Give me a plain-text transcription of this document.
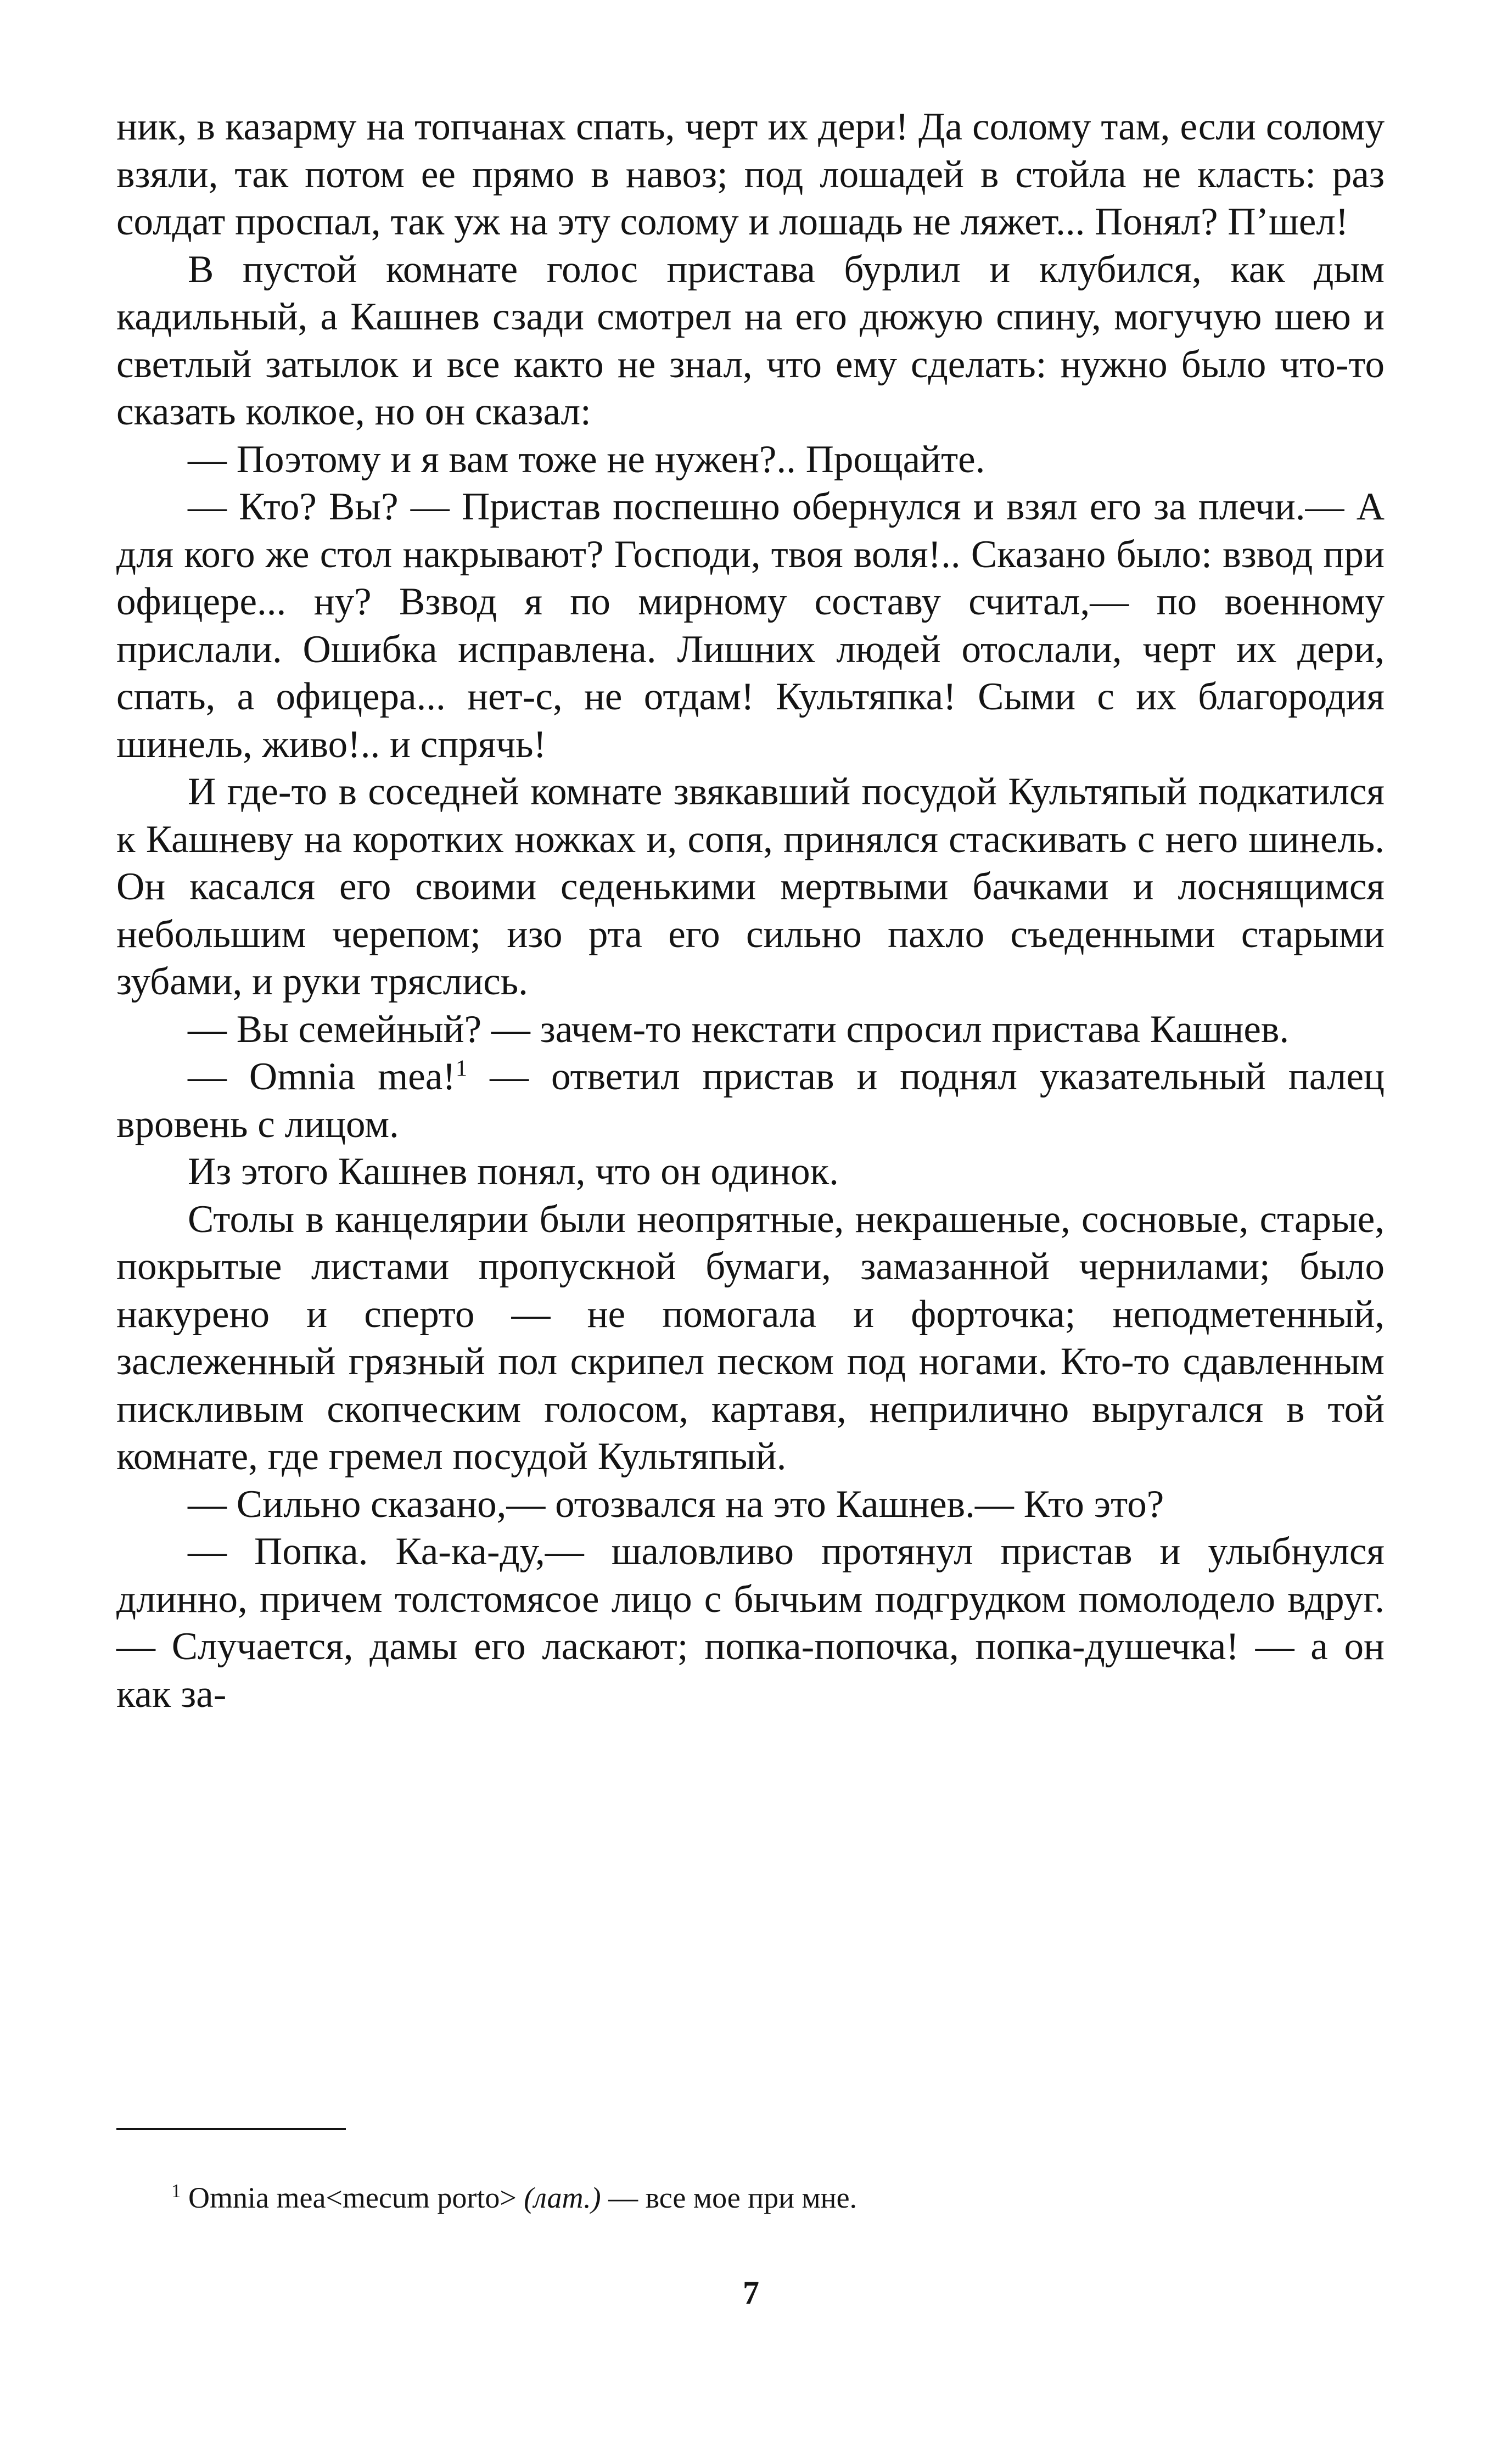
ник, в казарму на топчанах спать, черт их дери! Да солому там, если солому взяли, так потом ее прямо в навоз; под лошадей в стойла не класть: раз солдат проспал, так уж на эту солому и лошадь не ляжет... Понял? П’шел!

В пустой комнате голос пристава бурлил и клубился, как дым кадильный, а Кашнев сзади смотрел на его дюжую спину, могучую шею и светлый затылок и все както не знал, что ему сделать: нужно было что-то сказать колкое, но он сказал:

— Поэтому и я вам тоже не нужен?.. Прощайте.

— Кто? Вы? — Пристав поспешно обернулся и взял его за плечи.— А для кого же стол накрывают? Господи, твоя воля!.. Сказано было: взвод при офицере... ну? Взвод я по мирному составу считал,— по военному прислали. Ошибка исправлена. Лишних людей отослали, черт их дери, спать, а офицера... нет-с, не отдам! Культяпка! Сыми с их благородия шинель, живо!.. и спрячь!

И где-то в соседней комнате звякавший посудой Культяпый подкатился к Кашневу на коротких ножках и, сопя, принялся стаскивать с него шинель. Он касался его своими седенькими мертвыми бачками и лоснящимся небольшим черепом; изо рта его сильно пахло съеденными старыми зубами, и руки тряслись.

— Вы семейный? — зачем-то некстати спросил пристава Кашнев.

— Omnia mea!$^1$ — ответил пристав и поднял указательный палец вровень с лицом.

Из этого Кашнев понял, что он одинок.

Столы в канцелярии были неопрятные, некрашеные, сосновые, старые, покрытые листами пропускной бумаги, замазанной чернилами; было накурено и сперто — не помогала и форточка; неподметенный, заслеженный грязный пол скрипел песком под ногами. Кто-то сдавленным пискливым скопческим голосом, картавя, неприлично выругался в той комнате, где гремел посудой Культяпый.

— Сильно сказано,— отозвался на это Кашнев.— Кто это?

— Попка. Ка-ка-ду,— шаловливо протянул пристав и улыбнулся длинно, причем толстомясое лицо с бычьим подгрудком помолодело вдруг.— Случается, дамы его ласкают; попка-попочка, попка-душечка! — а он как за-

$^1$ Omnia mea<mecum porto> (лат.) — все мое при мне.
7
